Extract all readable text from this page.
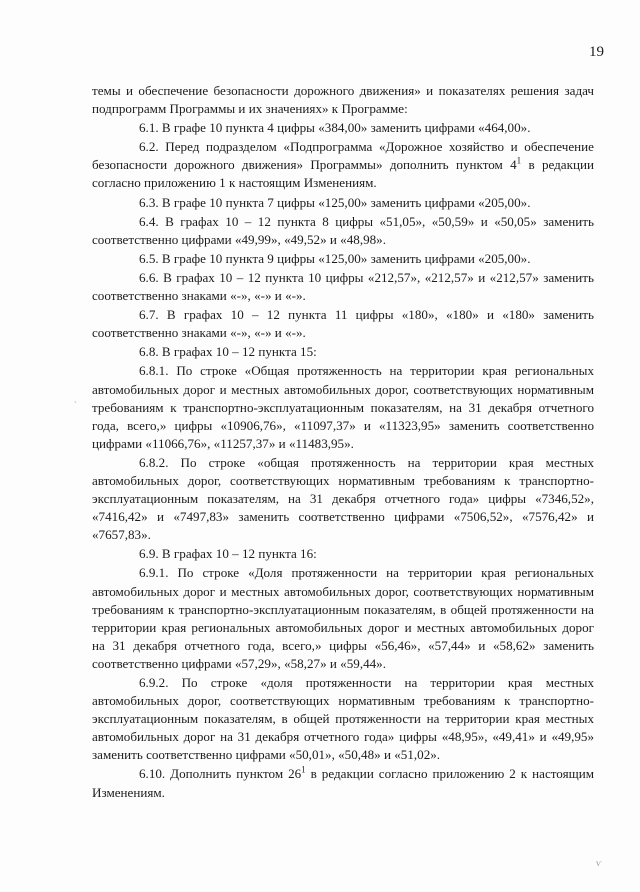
19
`

темы и обеспечение безопасности дорожного движения» и показателях решения задач подпрограмм Программы и их значениях» к Программе:

6.1. В графе 10 пункта 4 цифры «384,00» заменить цифрами «464,00».

6.2. Перед подразделом «Подпрограмма «Дорожное хозяйство и обеспечение безопасности дорожного движения» Программы» дополнить пунктом $4^1$ в редакции согласно приложению 1 к настоящим Изменениям.

6.3. В графе 10 пункта 7 цифры «125,00» заменить цифрами «205,00».

6.4. В графах 10 – 12 пункта 8 цифры «51,05», «50,59» и «50,05» заменить соответственно цифрами «49,99», «49,52» и «48,98».

6.5. В графе 10 пункта 9 цифры «125,00» заменить цифрами «205,00».

6.6. В графах 10 – 12 пункта 10 цифры «212,57», «212,57» и «212,57» заменить соответственно знаками «-», «-» и «-».

6.7. В графах 10 – 12 пункта 11 цифры «180», «180» и «180» заменить соответственно знаками «-», «-» и «-».

6.8. В графах 10 – 12 пункта 15:

6.8.1. По строке «Общая протяженность на территории края региональных автомобильных дорог и местных автомобильных дорог, соответствующих нормативным требованиям к транспортно-эксплуатационным показателям, на 31 декабря отчетного года, всего,» цифры «10906,76», «11097,37» и «11323,95» заменить соответственно цифрами «11066,76», «11257,37» и «11483,95».

6.8.2. По строке «общая протяженность на территории края местных автомобильных дорог, соответствующих нормативным требованиям к транспортно-эксплуатационным показателям, на 31 декабря отчетного года» цифры «7346,52», «7416,42» и «7497,83» заменить соответственно цифрами «7506,52», «7576,42» и «7657,83».

6.9. В графах 10 – 12 пункта 16:

6.9.1. По строке «Доля протяженности на территории края региональных автомобильных дорог и местных автомобильных дорог, соответствующих нормативным требованиям к транспортно-эксплуатационным показателям, в общей протяженности на территории края региональных автомобильных дорог и местных автомобильных дорог на 31 декабря отчетного года, всего,» цифры «56,46», «57,44» и «58,62» заменить соответственно цифрами «57,29», «58,27» и «59,44».

6.9.2. По строке «доля протяженности на территории края местных автомобильных дорог, соответствующих нормативным требованиям к транспортно-эксплуатационным показателям, в общей протяженности на территории края местных автомобильных дорог на 31 декабря отчетного года» цифры «48,95», «49,41» и «49,95» заменить соответственно цифрами «50,01», «50,48» и «51,02».

6.10. Дополнить пунктом $26^1$ в редакции согласно приложению 2 к настоящим Изменениям.

ⱱ
